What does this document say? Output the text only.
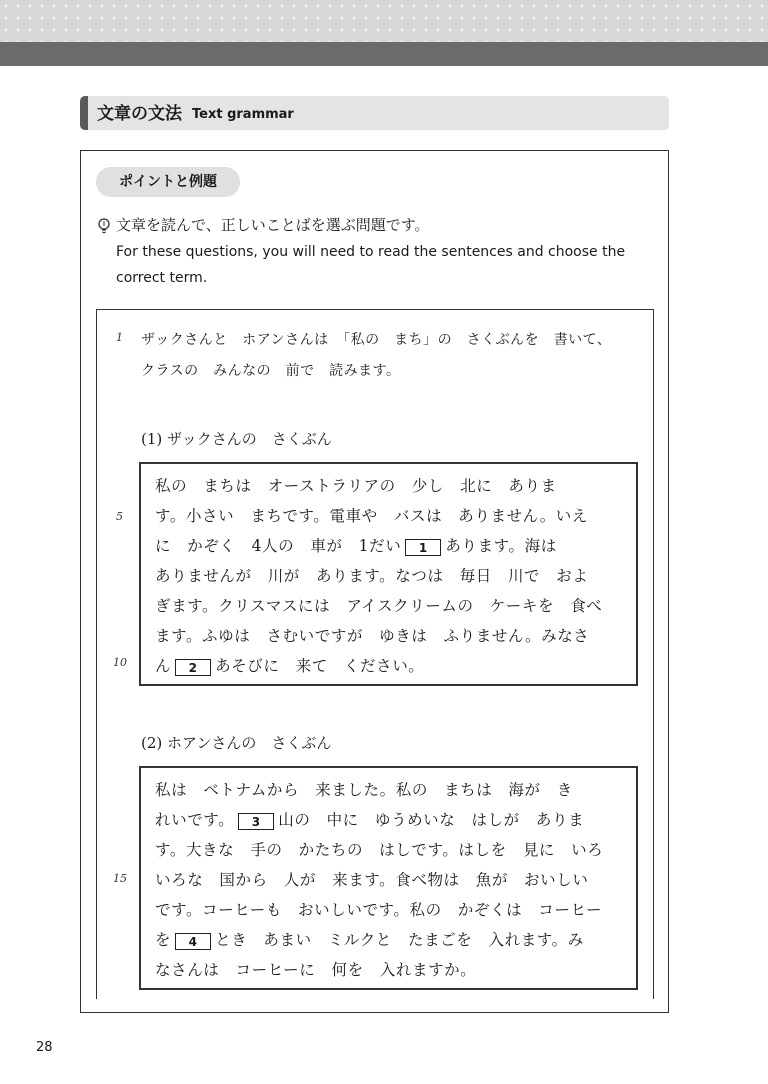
文章の文法 Text grammar
ポイントと例題
文章を読んで、正しいことばを選ぶ問題です。
For these questions, you will need to read the sentences and choose the correct term.
1
5
10
15
ザックさんと　ホアンさんは　「私の　まち」の　さくぶんを　書いて、
クラスの　みんなの　前で　読みます。
(1) ザックさんの　さくぶん
私の　まちは　オーストラリアの　少し　北に　ありま
す。小さい　まちです。電車や　バスは　ありません。いえ
に　かぞく　4人の　車が　1だい 1 あります。海は
ありませんが　川が　あります。なつは　毎日　川で　およ
ぎます。クリスマスには　アイスクリームの　ケーキを　食べ
ます。ふゆは　さむいですが　ゆきは　ふりません。みなさ
ん 2 あそびに　来て　ください。
(2) ホアンさんの　さくぶん
私は　ベトナムから　来ました。私の　まちは　海が　き
れいです。 3 山の　中に　ゆうめいな　はしが　ありま
す。大きな　手の　かたちの　はしです。はしを　見に　いろ
いろな　国から　人が　来ます。食べ物は　魚が　おいしい
です。コーヒーも　おいしいです。私の　かぞくは　コーヒー
を 4 とき　あまい　ミルクと　たまごを　入れます。み
なさんは　コーヒーに　何を　入れますか。
28
